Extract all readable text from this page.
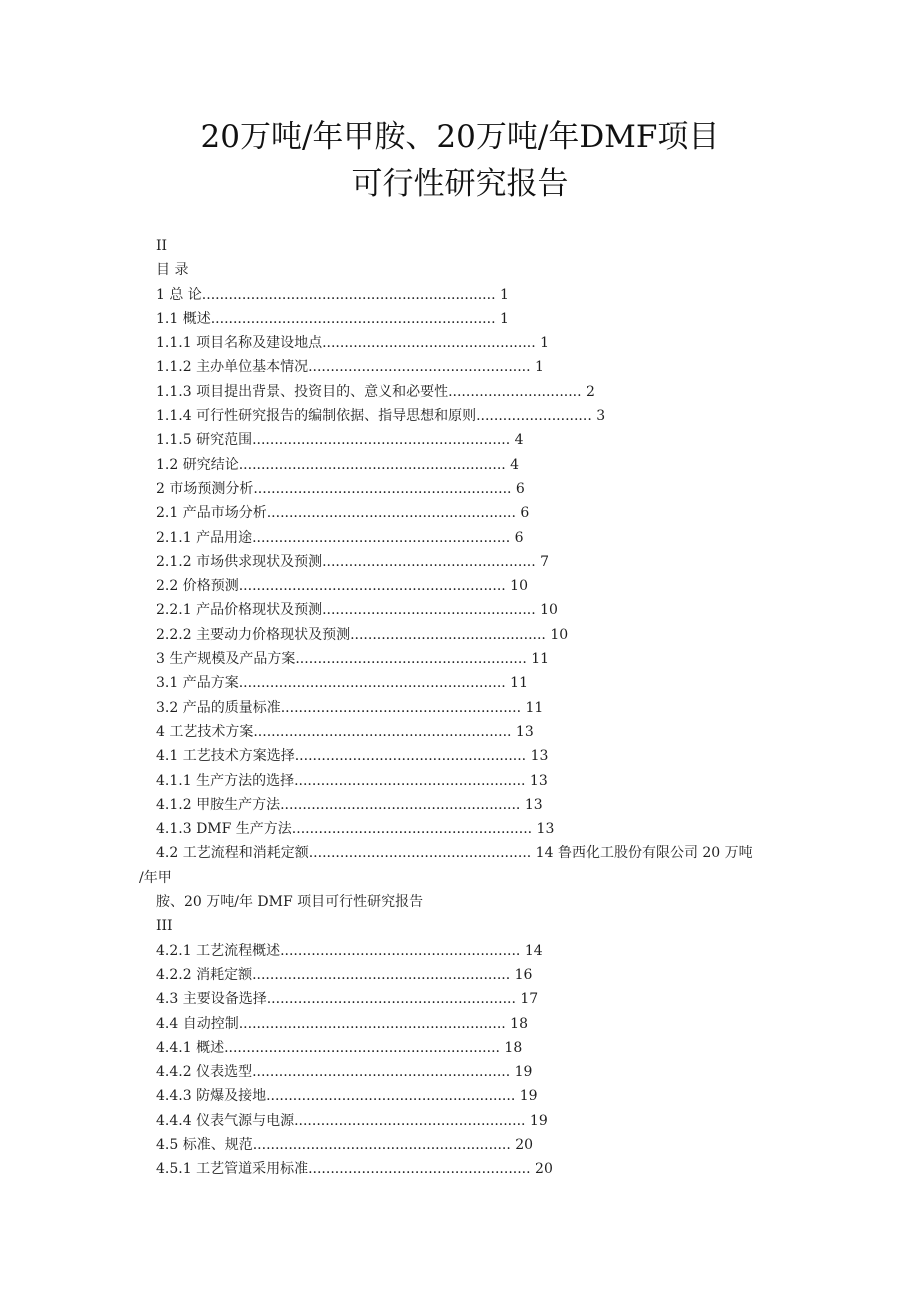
20万吨/年甲胺、20万吨/年DMF项目
可行性研究报告
II
目 录
1 总 论.................................................................. 1
1.1 概述................................................................ 1
1.1.1 项目名称及建设地点................................................ 1
1.1.2 主办单位基本情况.................................................. 1
1.1.3 项目提出背景、投资目的、意义和必要性.............................. 2
1.1.4 可行性研究报告的编制依据、指导思想和原则.......................... 3
1.1.5 研究范围.......................................................... 4
1.2 研究结论............................................................ 4
2 市场预测分析.......................................................... 6
2.1 产品市场分析........................................................ 6
2.1.1 产品用途.......................................................... 6
2.1.2 市场供求现状及预测................................................ 7
2.2 价格预测............................................................ 10
2.2.1 产品价格现状及预测................................................ 10
2.2.2 主要动力价格现状及预测............................................ 10
3 生产规模及产品方案.................................................... 11
3.1 产品方案............................................................ 11
3.2 产品的质量标准...................................................... 11
4 工艺技术方案.......................................................... 13
4.1 工艺技术方案选择.................................................... 13
4.1.1 生产方法的选择.................................................... 13
4.1.2 甲胺生产方法...................................................... 13
4.1.3 DMF 生产方法...................................................... 13
4.2 工艺流程和消耗定额.................................................. 14 鲁西化工股份有限公司 20 万吨
/年甲
胺、20 万吨/年 DMF 项目可行性研究报告
III
4.2.1 工艺流程概述...................................................... 14
4.2.2 消耗定额.......................................................... 16
4.3 主要设备选择........................................................ 17
4.4 自动控制............................................................ 18
4.4.1 概述.............................................................. 18
4.4.2 仪表选型.......................................................... 19
4.4.3 防爆及接地........................................................ 19
4.4.4 仪表气源与电源.................................................... 19
4.5 标准、规范.......................................................... 20
4.5.1 工艺管道采用标准.................................................. 20
